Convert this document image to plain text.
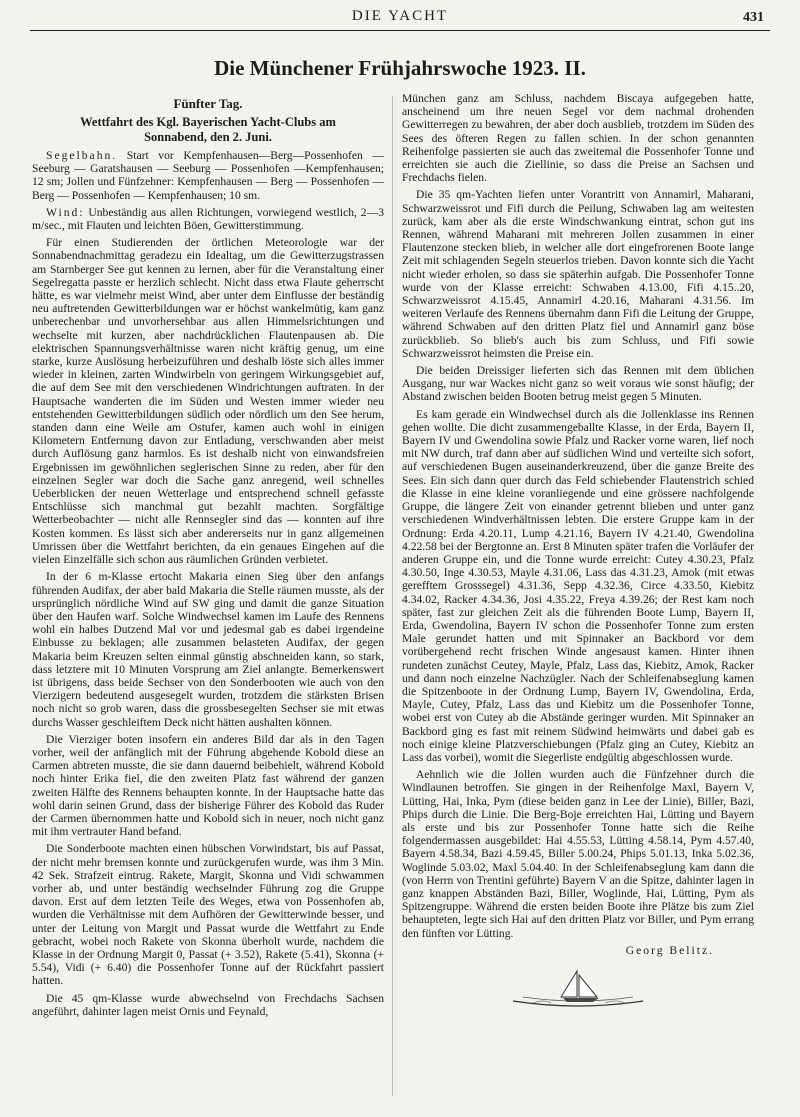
DIE YACHT	431
Die Münchener Frühjahrswoche 1923. II.

Fünfter Tag.

Wettfahrt des Kgl. Bayerischen Yacht-Clubs am
Sonnabend, den 2. Juni.

Segelbahn. Start vor Kempfenhausen—Berg—Possenhofen — Seeburg — Garatshausen — Seeburg — Possenhofen —Kempfenhausen; 12 sm; Jollen und Fünfzehner: Kempfenhausen — Berg — Possenhofen — Berg — Possenhofen — Kempfenhausen; 10 sm.

Wind: Unbeständig aus allen Richtungen, vorwiegend westlich, 2—3 m/sec., mit Flauten und leichten Böen, Gewitterstimmung.

Für einen Studierenden der örtlichen Meteorologie war der Sonnabendnachmittag geradezu ein Idealtag, um die Gewitterzugstrassen am Starnberger See gut kennen zu lernen, aber für die Veranstaltung einer Segelregatta passte er herzlich schlecht. Nicht dass etwa Flaute geherrscht hätte, es war vielmehr meist Wind, aber unter dem Einflusse der beständig neu auftretenden Gewitterbildungen war er höchst wankelmütig, kam ganz unberechenbar und unvorhersehbar aus allen Himmelsrichtungen und wechselte mit kurzen, aber nachdrücklichen Flautenpausen ab. Die elektrischen Spannungsverhältnisse waren nicht kräftig genug, um eine starke, kurze Auslösung herbeizuführen und deshalb löste sich alles immer wieder in kleinen, zarten Windwirbeln von geringem Wirkungsgebiet auf, die auf dem See mit den verschiedenen Windrichtungen auftraten. In der Hauptsache wanderten die im Süden und Westen immer wieder neu entstehenden Gewitterbildungen südlich oder nördlich um den See herum, standen dann eine Weile am Ostufer, kamen auch wohl in einigen Kilometern Entfernung davon zur Entladung, verschwanden aber meist durch Auflösung ganz harmlos. Es ist deshalb nicht von einwandsfreien Ergebnissen im gewöhnlichen seglerischen Sinne zu reden, aber für den einzelnen Segler war doch die Sache ganz anregend, weil schnelles Ueberblicken der neuen Wetterlage und entsprechend schnell gefasste Entschlüsse sich manchmal gut bezahlt machten. Sorgfältige Wetterbeobachter — nicht alle Rennsegler sind das — konnten auf ihre Kosten kommen. Es lässt sich aber andererseits nur in ganz allgemeinen Umrissen über die Wettfahrt berichten, da ein genaues Eingehen auf die vielen Einzelfälle sich schon aus räumlichen Gründen verbietet.

In der 6 m-Klasse ertocht Makaria einen Sieg über den anfangs führenden Audifax, der aber bald Makaria die Stelle räumen musste, als der ursprünglich nördliche Wind auf SW ging und damit die ganze Situation über den Haufen warf. Solche Windwechsel kamen im Laufe des Rennens wohl ein halbes Dutzend Mal vor und jedesmal gab es dabei irgendeine Einbusse zu beklagen; alle zusammen belasteten Audifax, der gegen Makaria beim Kreuzen selten einmal günstig abschneiden kann, so stark, dass letztere mit 10 Minuten Vorsprung am Ziel anlangte. Bemerkenswert ist übrigens, dass beide Sechser von den Sonderbooten wie auch von den Vierzigern bedeutend ausgesegelt wurden, trotzdem die stärksten Brisen noch nicht so grob waren, dass die grossbesegelten Sechser sie mit etwas durchs Wasser geschleiftem Deck nicht hätten aushalten können.

Die Vierziger boten insofern ein anderes Bild dar als in den Tagen vorher, weil der anfänglich mit der Führung abgehende Kobold diese an Carmen abtreten musste, die sie dann dauernd beibehielt, während Kobold noch hinter Erika fiel, die den zweiten Platz fast während der ganzen zweiten Hälfte des Rennens behaupten konnte. In der Hauptsache hatte das wohl darin seinen Grund, dass der bisherige Führer des Kobold das Ruder der Carmen übernommen hatte und Kobold sich in neuer, noch nicht ganz mit ihm vertrauter Hand befand.

Die Sonderboote machten einen hübschen Vorwindstart, bis auf Passat, der nicht mehr bremsen konnte und zurückgerufen wurde, was ihm 3 Min. 42 Sek. Strafzeit eintrug. Rakete, Margit, Skonna und Vidi schwammen vorher ab, und unter beständig wechselnder Führung zog die Gruppe davon. Erst auf dem letzten Teile des Weges, etwa von Possenhofen ab, wurden die Verhältnisse mit dem Aufhören der Gewitterwinde besser, und unter der Leitung von Margit und Passat wurde die Wettfahrt zu Ende gebracht, wobei noch Rakete von Skonna überholt wurde, nachdem die Klasse in der Ordnung Margit 0, Passat (+ 3.52), Rakete (5.41), Skonna (+ 5.54), Vidi (+ 6.40) die Possenhofer Tonne auf der Rückfahrt passiert hatten.

Die 45 qm-Klasse wurde abwechselnd von Frechdachs Sachsen angeführt, dahinter lagen meist Ornis und Feynald,

München ganz am Schluss, nachdem Biscaya aufgegeben hatte, anscheinend um ihre neuen Segel vor dem nachmal drohenden Gewitterregen zu bewahren, der aber doch ausblieb, trotzdem im Süden des Sees des öfteren Regen zu fallen schien. In der schon genannten Reihenfolge passierten sie auch das zweitemal die Possenhofer Tonne und erreichten sie auch die Ziellinie, so dass die Preise an Sachsen und Frechdachs fielen.

Die 35 qm-Yachten liefen unter Vorantritt von Annamirl, Maharani, Schwarzweissrot und Fifi durch die Peilung, Schwaben lag am weitesten zurück, kam aber als die erste Windschwankung eintrat, schon gut ins Rennen, während Maharani mit mehreren Jollen zusammen in einer Flautenzone stecken blieb, in welcher alle dort eingefrorenen Boote lange Zeit mit schlagenden Segeln steuerlos trieben. Davon konnte sich die Yacht nicht wieder erholen, so dass sie späterhin aufgab. Die Possenhofer Tonne wurde von der Klasse erreicht: Schwaben 4.13.00, Fifi 4.15..20, Schwarzweissrot 4.15.45, Annamirl 4.20.16, Maharani 4.31.56. Im weiteren Verlaufe des Rennens übernahm dann Fifi die Leitung der Gruppe, während Schwaben auf den dritten Platz fiel und Annamirl ganz böse zurückblieb. So blieb's auch bis zum Schluss, und Fifi sowie Schwarzweissrot heimsten die Preise ein.

Die beiden Dreissiger lieferten sich das Rennen mit dem üblichen Ausgang, nur war Wackes nicht ganz so weit voraus wie sonst häufig; der Abstand zwischen beiden Booten betrug meist gegen 5 Minuten.

Es kam gerade ein Windwechsel durch als die Jollenklasse ins Rennen gehen wollte. Die dicht zusammengeballte Klasse, in der Erda, Bayern II, Bayern IV und Gwendolina sowie Pfalz und Racker vorne waren, lief noch mit NW durch, traf dann aber auf südlichen Wind und verteilte sich sofort, auf verschiedenen Bugen auseinanderkreuzend, über die ganze Breite des Sees. Ein sich dann quer durch das Feld schiebender Flautenstrich schied die Klasse in eine kleine voranliegende und eine grössere nachfolgende Gruppe, die längere Zeit von einander getrennt blieben und unter ganz verschiedenen Windverhältnissen lebten. Die erstere Gruppe kam in der Ordnung: Erda 4.20.11, Lump 4.21.16, Bayern IV 4.21.40, Gwendolina 4.22.58 bei der Bergtonne an. Erst 8 Minuten später trafen die Vorläufer der anderen Gruppe ein, und die Tonne wurde erreicht: Cutey 4.30.23, Pfalz 4.30.50, Inge 4.30.53, Mayle 4.31.06, Lass das 4.31.23, Amok (mit etwas gerefftem Grosssegel) 4.31.36, Sepp 4.32.36, Circe 4.33.50, Kiebitz 4.34.02, Racker 4.34.36, Josi 4.35.22, Freya 4.39.26; der Rest kam noch später, fast zur gleichen Zeit als die führenden Boote Lump, Bayern II, Erda, Gwendolina, Bayern IV schon die Possenhofer Tonne zum ersten Male gerundet hatten und mit Spinnaker an Backbord vor dem vorübergehend recht frischen Winde angesaust kamen. Hinter ihnen rundeten zunächst Ceutey, Mayle, Pfalz, Lass das, Kiebitz, Amok, Racker und dann noch einzelne Nachzügler. Nach der Schleifenabseglung kamen die Spitzenboote in der Ordnung Lump, Bayern IV, Gwendolina, Erda, Mayle, Cutey, Pfalz, Lass das und Kiebitz um die Possenhofer Tonne, wobei erst von Cutey ab die Abstände geringer wurden. Mit Spinnaker an Backbord ging es fast mit reinem Südwind heimwärts und dabei gab es noch einige kleine Platzverschiebungen (Pfalz ging an Cutey, Kiebitz an Lass das vorbei), womit die Siegerliste endgültig abgeschlossen wurde.

Aehnlich wie die Jollen wurden auch die Fünfzehner durch die Windlaunen betroffen. Sie gingen in der Reihenfolge Maxl, Bayern V, Lütting, Hai, Inka, Pym (diese beiden ganz in Lee der Linie), Biller, Bazi, Phips durch die Linie. Die Berg-Boje erreichten Hai, Lütting und Bayern als erste und bis zur Possenhofer Tonne hatte sich die Reihe folgendermassen ausgebildet: Hai 4.55.53, Lütting 4.58.14, Pym 4.57.40, Bayern 4.58.34, Bazi 4.59.45, Biller 5.00.24, Phips 5.01.13, Inka 5.02.36, Woglinde 5.03.02, Maxl 5.04.40. In der Schleifenabseglung kam dann die (von Herrn von Trentini geführte) Bayern V an die Spitze, dahinter lagen in ganz knappen Abständen Bazi, Biller, Woglinde, Hai, Lütting, Pym als Spitzengruppe. Während die ersten beiden Boote ihre Plätze bis zum Ziel behaupteten, legte sich Hai auf den dritten Platz vor Biller, und Pym errang den fünften vor Lütting.

Georg Belitz.
